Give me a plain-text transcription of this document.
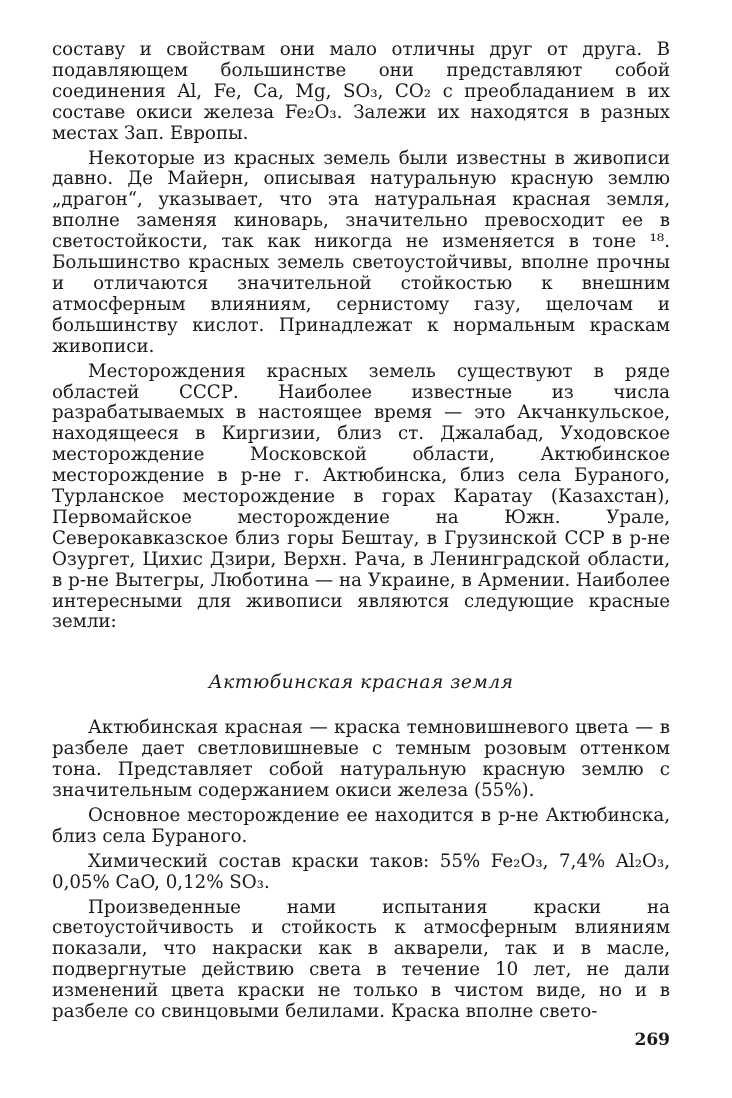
составу и свойствам они мало отличны друг от друга. В подавляющем большинстве они представляют собой соединения Al, Fe, Ca, Mg, SO₃, CO₂ с преобладанием в их составе окиси железа Fe₂O₃. Залежи их находятся в разных местах Зап. Европы.

Некоторые из красных земель были известны в живописи давно. Де Майерн, описывая натуральную красную землю „драгон“, указывает, что эта натуральная красная земля, вполне заменяя киноварь, значительно превосходит ее в светостойкости, так как никогда не изменяется в тоне ¹⁸. Большинство красных земель светоустойчивы, вполне прочны и отличаются значительной стойкостью к внешним атмосферным влияниям, сернистому газу, щелочам и большинству кислот. Принадлежат к нормальным краскам живописи.

Месторождения красных земель существуют в ряде областей СССР. Наиболее известные из числа разрабатываемых в настоящее время — это Акчанкульское, находящееся в Киргизии, близ ст. Джалабад, Уходовское месторождение Московской области, Актюбинское месторождение в р-не г. Актюбинска, близ села Бураного, Турланское месторождение в горах Каратау (Казахстан), Первомайское месторождение на Южн. Урале, Северокавказское близ горы Бештау, в Грузинской ССР в р-не Озургет, Цихис Дзири, Верхн. Рача, в Ленинградской области, в р-не Вытегры, Люботина — на Украине, в Армении. Наиболее интересными для живописи являются следующие красные земли:

Актюбинская красная земля

Актюбинская красная — краска темновишневого цвета — в разбеле дает светловишневые с темным розовым оттенком тона. Представляет собой натуральную красную землю с значительным содержанием окиси железа (55%).

Основное месторождение ее находится в р-не Актюбинска, близ села Бураного.

Химический состав краски таков: 55% Fe₂O₃, 7,4% Al₂O₃, 0,05% CaO, 0,12% SO₃.

Произведенные нами испытания краски на светоустойчивость и стойкость к атмосферным влияниям показали, что накраски как в акварели, так и в масле, подвергнутые действию света в течение 10 лет, не дали изменений цвета краски не только в чистом виде, но и в разбеле со свинцовыми белилами. Краска вполне свето-

269
